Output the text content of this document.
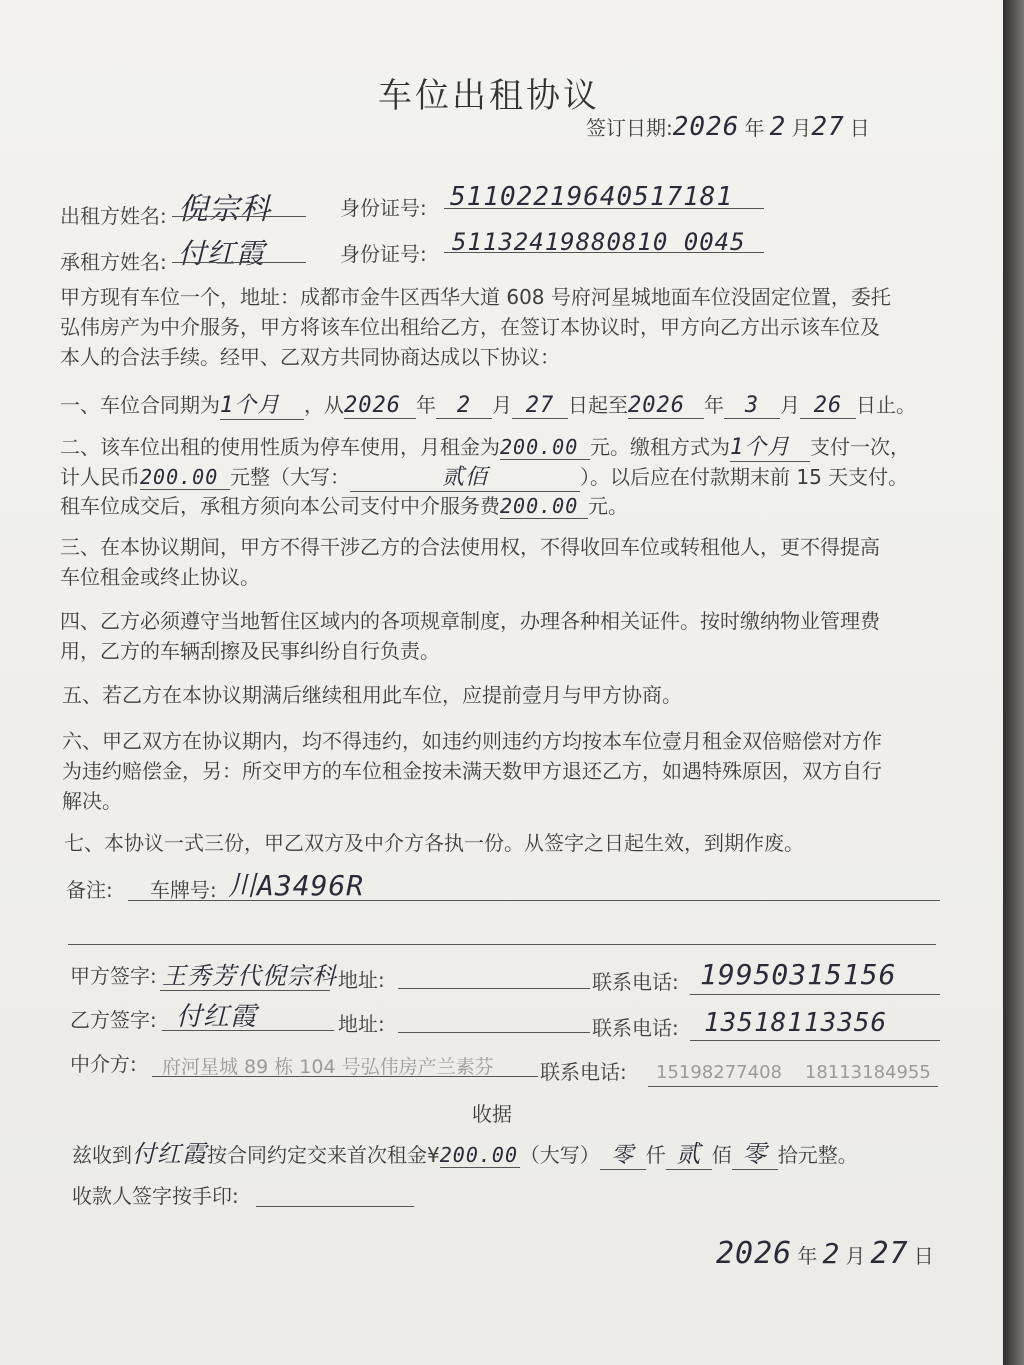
车位出租协议
签订日期:2026 年 2 月27 日
出租方姓名: 倪宗科	身份证号: 51102219640517181
承租方姓名: 付红霞	身份证号: 51132419880810 0045
甲方现有车位一个，地址：成都市金牛区西华大道 608 号府河星城地面车位没固定位置，委托
弘伟房产为中介服务，甲方将该车位出租给乙方，在签订本协议时，甲方向乙方出示该车位及
本人的合法手续。经甲、乙双方共同协商达成以下协议：
一、车位合同期为1个月 ，从2026 年 2 月 27 日起至2026 年 3 月 26 日止。
二、该车位出租的使用性质为停车使用，月租金为200.00 元。缴租方式为1个月 支付一次，
计人民币200.00 元整（大写：	贰佰	）。以后应在付款期末前 15 天支付。
租车位成交后，承租方须向本公司支付中介服务费200.00 元。
三、在本协议期间，甲方不得干涉乙方的合法使用权，不得收回车位或转租他人，更不得提高
车位租金或终止协议。
四、乙方必须遵守当地暂住区域内的各项规章制度，办理各种相关证件。按时缴纳物业管理费
用，乙方的车辆刮擦及民事纠纷自行负责。
五、若乙方在本协议期满后继续租用此车位，应提前壹月与甲方协商。
六、甲乙双方在协议期内，均不得违约，如违约则违约方均按本车位壹月租金双倍赔偿对方作
为违约赔偿金，另：所交甲方的车位租金按未满天数甲方退还乙方，如遇特殊原因，双方自行
解决。
七、本协议一式三份，甲乙双方及中介方各执一份。从签字之日起生效，到期作废。
备注: 车牌号: 川A3496R
甲方签字: 王秀芳代倪宗科 地址:	联系电话: 19950315156
乙方签字: 付红霞	地址:	联系电话: 13518113356
中介方: 府河星城 89 栋 104 号弘伟房产兰素芬 联系电话: 15198277408    18113184955
收据
兹收到付红霞按合同约定交来首次租金¥200.00（大写） 零 仟 贰 佰 零 拾元整。
收款人签字按手印:
2026 年 2 月 27 日
